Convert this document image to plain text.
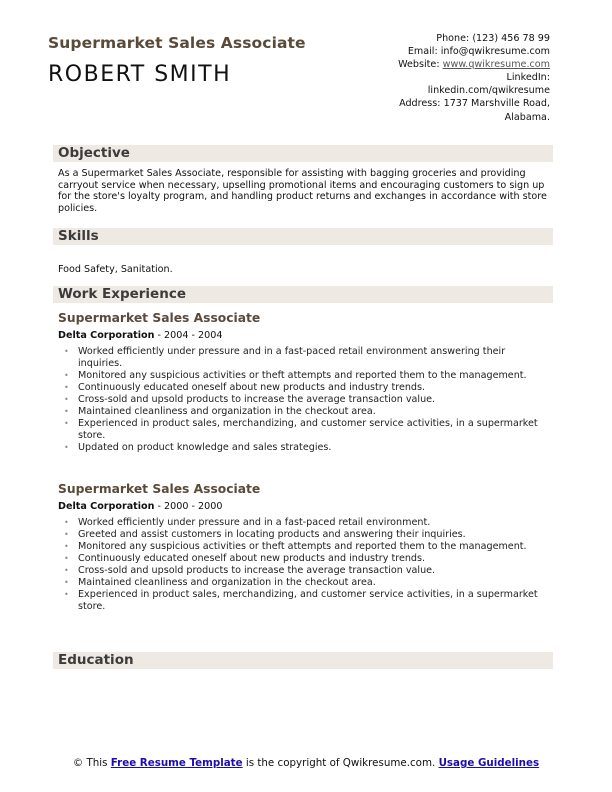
Supermarket Sales Associate
ROBERT SMITH
Phone: (123) 456 78 99
Email: info@qwikresume.com
Website: www.qwikresume.com
LinkedIn:
linkedin.com/qwikresume
Address: 1737 Marshville Road,
Alabama.
Objective
As a Supermarket Sales Associate, responsible for assisting with bagging groceries and providing carryout service when necessary, upselling promotional items and encouraging customers to sign up for the store's loyalty program, and handling product returns and exchanges in accordance with store policies.
Skills
Food Safety, Sanitation.
Work Experience
Supermarket Sales Associate
Delta Corporation - 2004 - 2004
• Worked efficiently under pressure and in a fast-paced retail environment answering their inquiries.
• Monitored any suspicious activities or theft attempts and reported them to the management.
• Continuously educated oneself about new products and industry trends.
• Cross-sold and upsold products to increase the average transaction value.
• Maintained cleanliness and organization in the checkout area.
• Experienced in product sales, merchandizing, and customer service activities, in a supermarket store.
• Updated on product knowledge and sales strategies.
Supermarket Sales Associate
Delta Corporation - 2000 - 2000
• Worked efficiently under pressure and in a fast-paced retail environment.
• Greeted and assist customers in locating products and answering their inquiries.
• Monitored any suspicious activities or theft attempts and reported them to the management.
• Continuously educated oneself about new products and industry trends.
• Cross-sold and upsold products to increase the average transaction value.
• Maintained cleanliness and organization in the checkout area.
• Experienced in product sales, merchandizing, and customer service activities, in a supermarket store.
Education
© This Free Resume Template is the copyright of Qwikresume.com. Usage Guidelines
